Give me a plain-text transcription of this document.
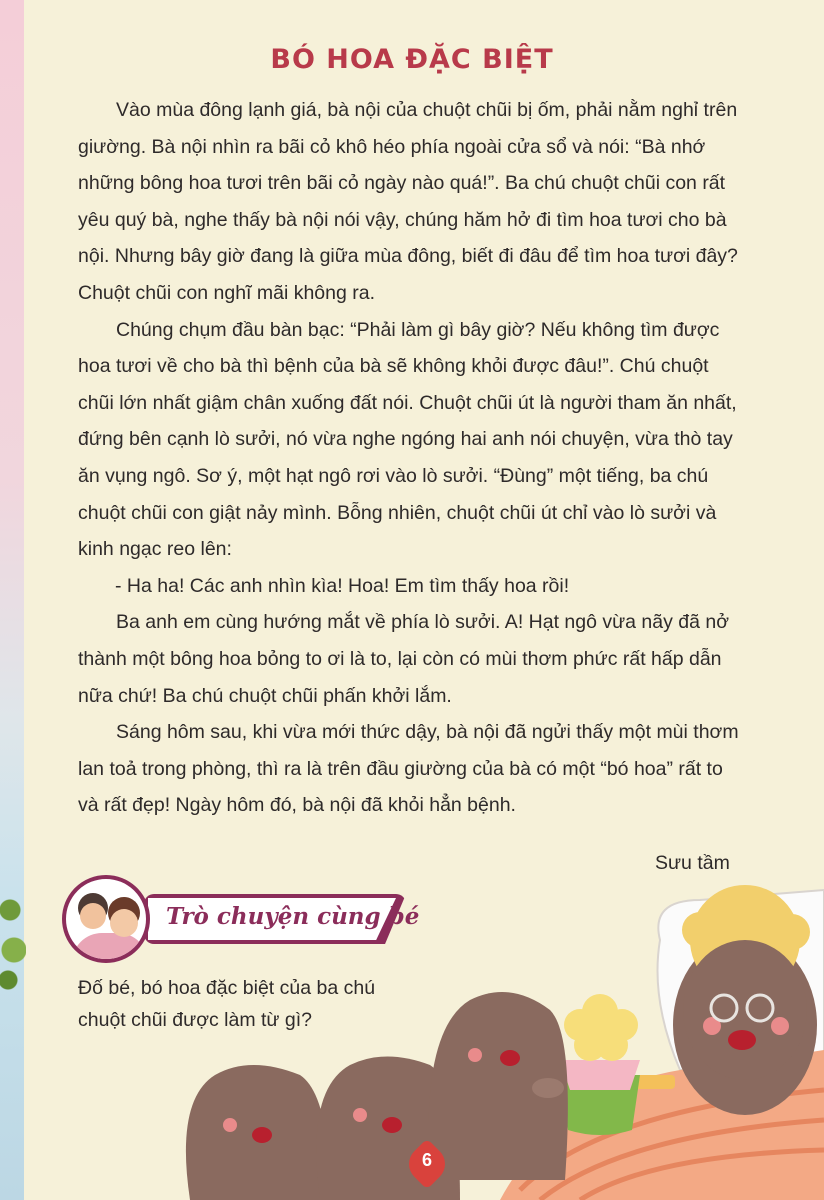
BÓ HOA ĐẶC BIỆT

Vào mùa đông lạnh giá, bà nội của chuột chũi bị ốm, phải nằm nghỉ trên

giường. Bà nội nhìn ra bãi cỏ khô héo phía ngoài cửa sổ và nói: “Bà nhớ

những bông hoa tươi trên bãi cỏ ngày nào quá!”. Ba chú chuột chũi con rất

yêu quý bà, nghe thấy bà nội nói vậy, chúng hăm hở đi tìm hoa tươi cho bà

nội. Nhưng bây giờ đang là giữa mùa đông, biết đi đâu để tìm hoa tươi đây?

Chuột chũi con nghĩ mãi không ra.

Chúng chụm đầu bàn bạc: “Phải làm gì bây giờ? Nếu không tìm được

hoa tươi về cho bà thì bệnh của bà sẽ không khỏi được đâu!”. Chú chuột

chũi lớn nhất giậm chân xuống đất nói. Chuột chũi út là người tham ăn nhất,

đứng bên cạnh lò sưởi, nó vừa nghe ngóng hai anh nói chuyện, vừa thò tay

ăn vụng ngô. Sơ ý, một hạt ngô rơi vào lò sưởi. “Đùng” một tiếng, ba chú

chuột chũi con giật nảy mình. Bỗng nhiên, chuột chũi út chỉ vào lò sưởi và

kinh ngạc reo lên:

- Ha ha! Các anh nhìn kìa! Hoa! Em tìm thấy hoa rồi!

Ba anh em cùng hướng mắt về phía lò sưởi. A! Hạt ngô vừa nãy đã nở

thành một bông hoa bỏng to ơi là to, lại còn có mùi thơm phức rất hấp dẫn

nữa chứ! Ba chú chuột chũi phấn khởi lắm.

Sáng hôm sau, khi vừa mới thức dậy, bà nội đã ngửi thấy một mùi thơm

lan toả trong phòng, thì ra là trên đầu giường của bà có một “bó hoa” rất to

và rất đẹp! Ngày hôm đó, bà nội đã khỏi hẳn bệnh.

Sưu tầm
Trò chuyện cùng bé

Đố bé, bó hoa đặc biệt của ba chú

chuột chũi được làm từ gì?

6
